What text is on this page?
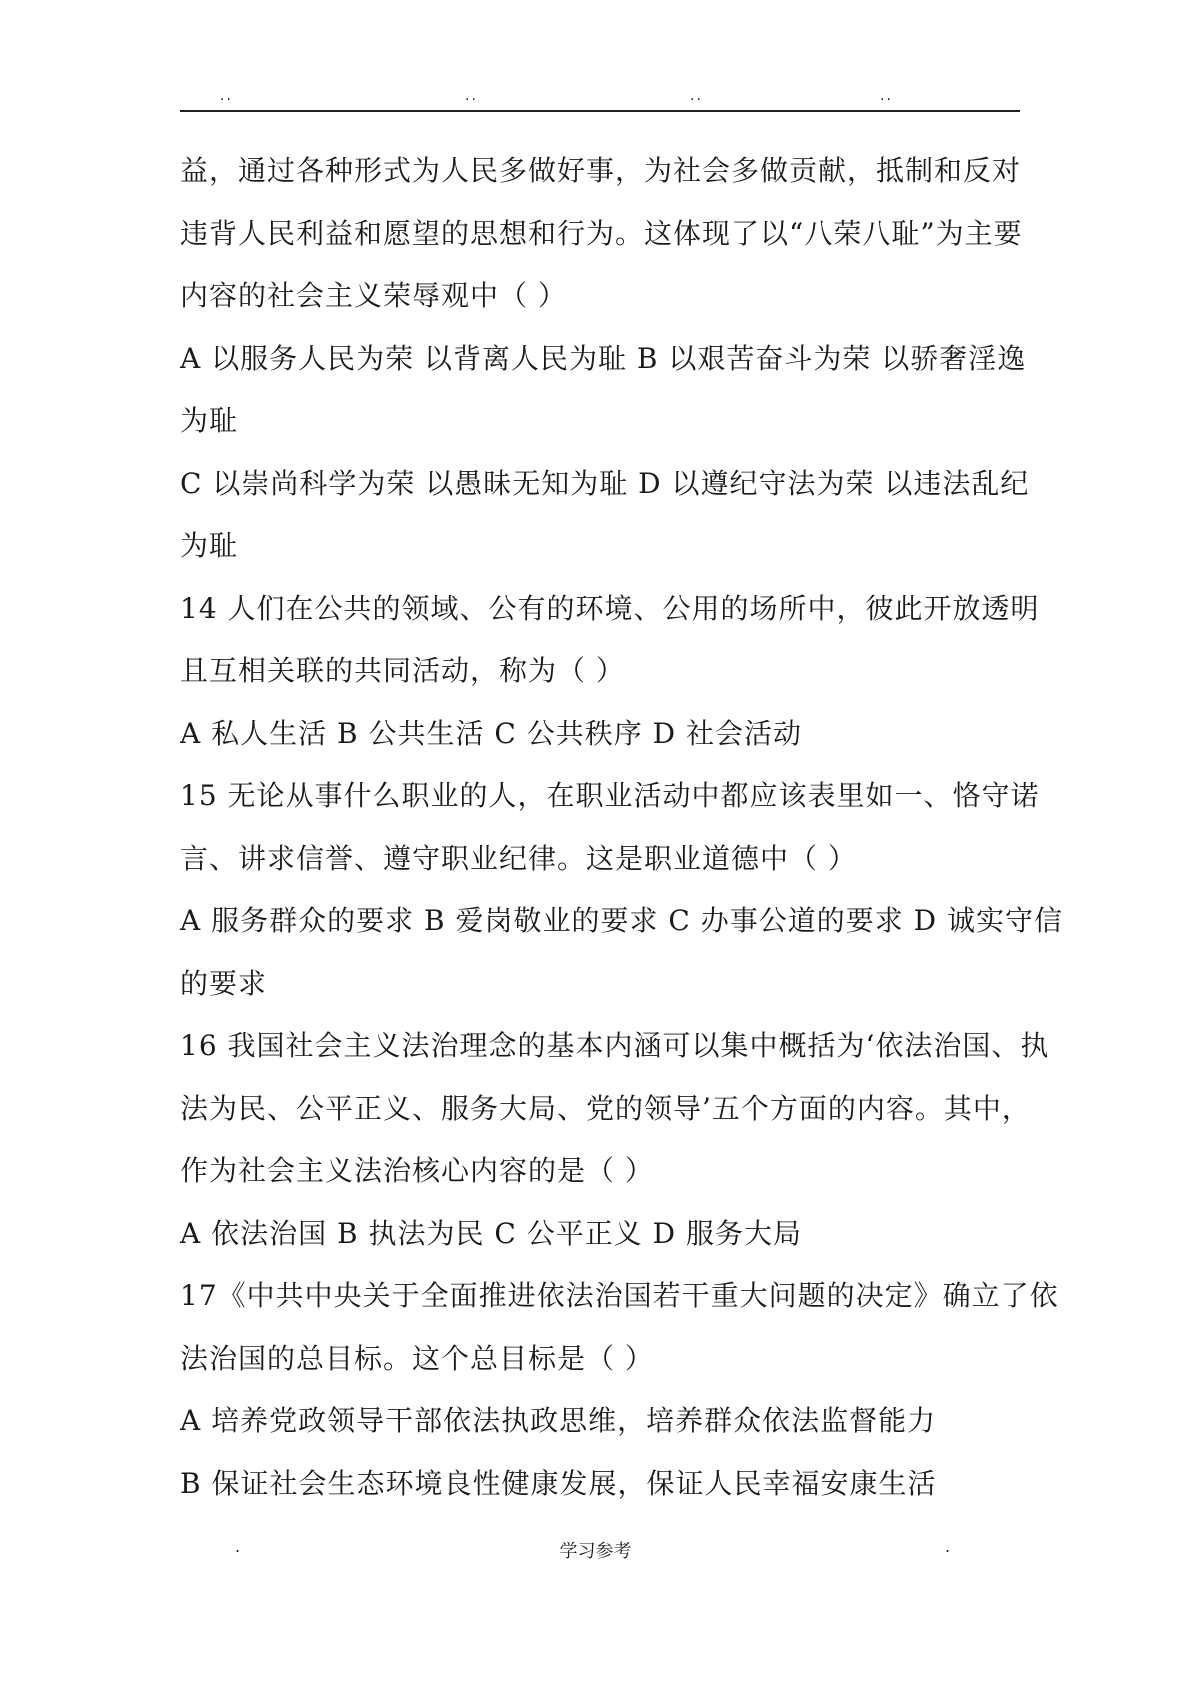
..	..	..	..
益，通过各种形式为人民多做好事，为社会多做贡献，抵制和反对
违背人民利益和愿望的思想和行为。这体现了以“八荣八耻”为主要
内容的社会主义荣辱观中（ ）
A 以服务人民为荣 以背离人民为耻 B 以艰苦奋斗为荣 以骄奢淫逸
为耻
C 以崇尚科学为荣 以愚昧无知为耻 D 以遵纪守法为荣 以违法乱纪
为耻
14 人们在公共的领域、公有的环境、公用的场所中，彼此开放透明
且互相关联的共同活动，称为（ ）
A 私人生活 B 公共生活 C 公共秩序 D 社会活动
15 无论从事什么职业的人，在职业活动中都应该表里如一、恪守诺
言、讲求信誉、遵守职业纪律。这是职业道德中（ ）
A 服务群众的要求 B 爱岗敬业的要求 C 办事公道的要求 D 诚实守信
的要求
16 我国社会主义法治理念的基本内涵可以集中概括为‘依法治国、执
法为民、公平正义、服务大局、党的领导’五个方面的内容。其中，
作为社会主义法治核心内容的是（ ）
A 依法治国 B 执法为民 C 公平正义 D 服务大局
17《中共中央关于全面推进依法治国若干重大问题的决定》确立了依
法治国的总目标。这个总目标是（ ）
A 培养党政领导干部依法执政思维，培养群众依法监督能力
B 保证社会生态环境良性健康发展，保证人民幸福安康生活
.	学习参考	.
